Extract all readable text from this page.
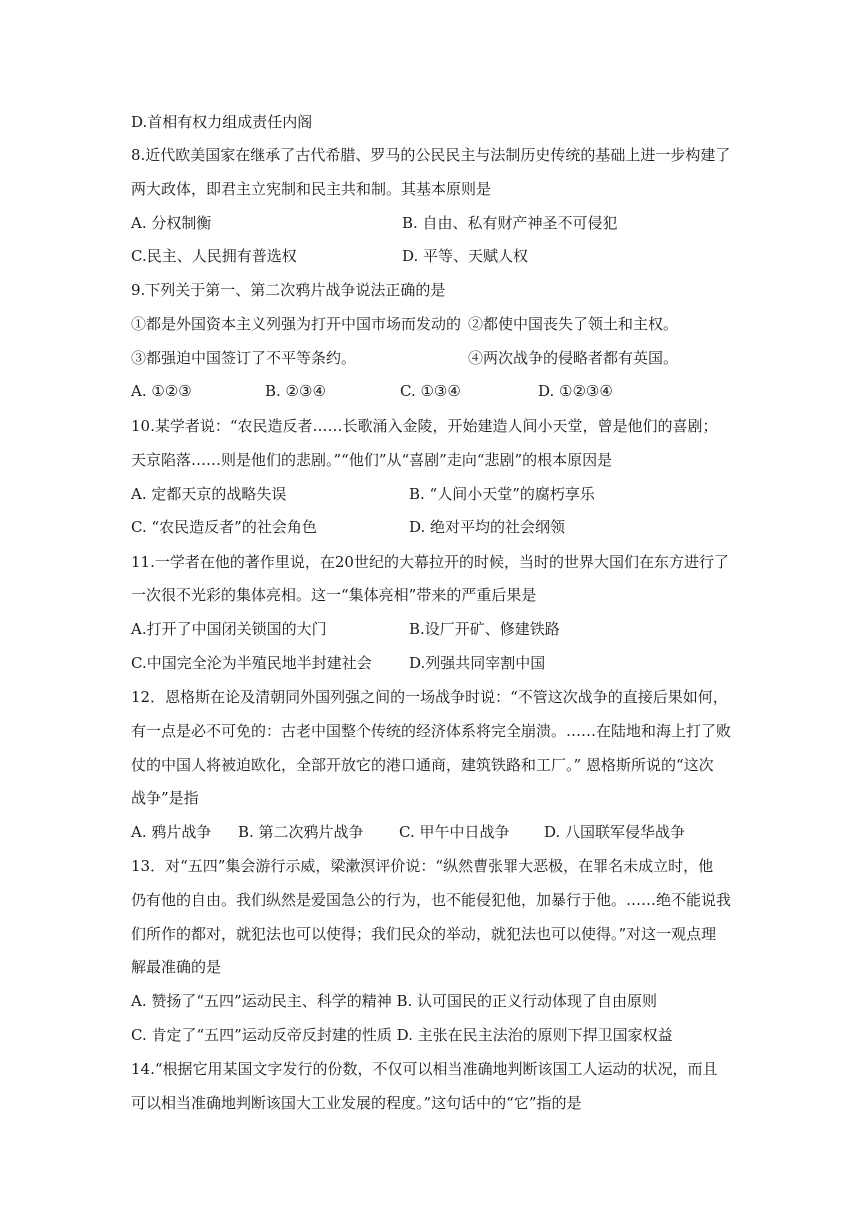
D.首相有权力组成责任内阁
8.近代欧美国家在继承了古代希腊、罗马的公民民主与法制历史传统的基础上进一步构建了
两大政体，即君主立宪制和民主共和制。其基本原则是
A. 分权制衡	B. 自由、私有财产神圣不可侵犯
C.民主、人民拥有普选权	D. 平等、天赋人权
9.下列关于第一、第二次鸦片战争说法正确的是
①都是外国资本主义列强为打开中国市场而发动的 ②都使中国丧失了领土和主权。
③都强迫中国签订了不平等条约。	④两次战争的侵略者都有英国。
A. ①②③	B. ②③④	C. ①③④	D. ①②③④
10.某学者说：“农民造反者……长歌涌入金陵，开始建造人间小天堂，曾是他们的喜剧；
天京陷落……则是他们的悲剧。”“他们”从“喜剧”走向“悲剧”的根本原因是
A. 定都天京的战略失误	B. “人间小天堂”的腐朽享乐
C. “农民造反者”的社会角色	D. 绝对平均的社会纲领
11.一学者在他的著作里说，在20世纪的大幕拉开的时候，当时的世界大国们在东方进行了
一次很不光彩的集体亮相。这一“集体亮相”带来的严重后果是
A.打开了中国闭关锁国的大门	B.设厂开矿、修建铁路
C.中国完全沦为半殖民地半封建社会 D.列强共同宰割中国
12．恩格斯在论及清朝同外国列强之间的一场战争时说：“不管这次战争的直接后果如何，
有一点是必不可免的：古老中国整个传统的经济体系将完全崩溃。……在陆地和海上打了败
仗的中国人将被迫欧化，全部开放它的港口通商，建筑铁路和工厂。” 恩格斯所说的“这次
战争”是指
A. 鸦片战争 B. 第二次鸦片战争 C. 甲午中日战争 D. 八国联军侵华战争
13．对“五四”集会游行示威，梁漱溟评价说：“纵然曹张罪大恶极，在罪名未成立时，他
仍有他的自由。我们纵然是爱国急公的行为，也不能侵犯他，加暴行于他。……绝不能说我
们所作的都对，就犯法也可以使得；我们民众的举动，就犯法也可以使得。”对这一观点理
解最准确的是
A. 赞扬了“五四”运动民主、科学的精神 B. 认可国民的正义行动体现了自由原则
C. 肯定了“五四”运动反帝反封建的性质 D. 主张在民主法治的原则下捍卫国家权益
14.“根据它用某国文字发行的份数，不仅可以相当准确地判断该国工人运动的状况，而且
可以相当准确地判断该国大工业发展的程度。”这句话中的“它”指的是
